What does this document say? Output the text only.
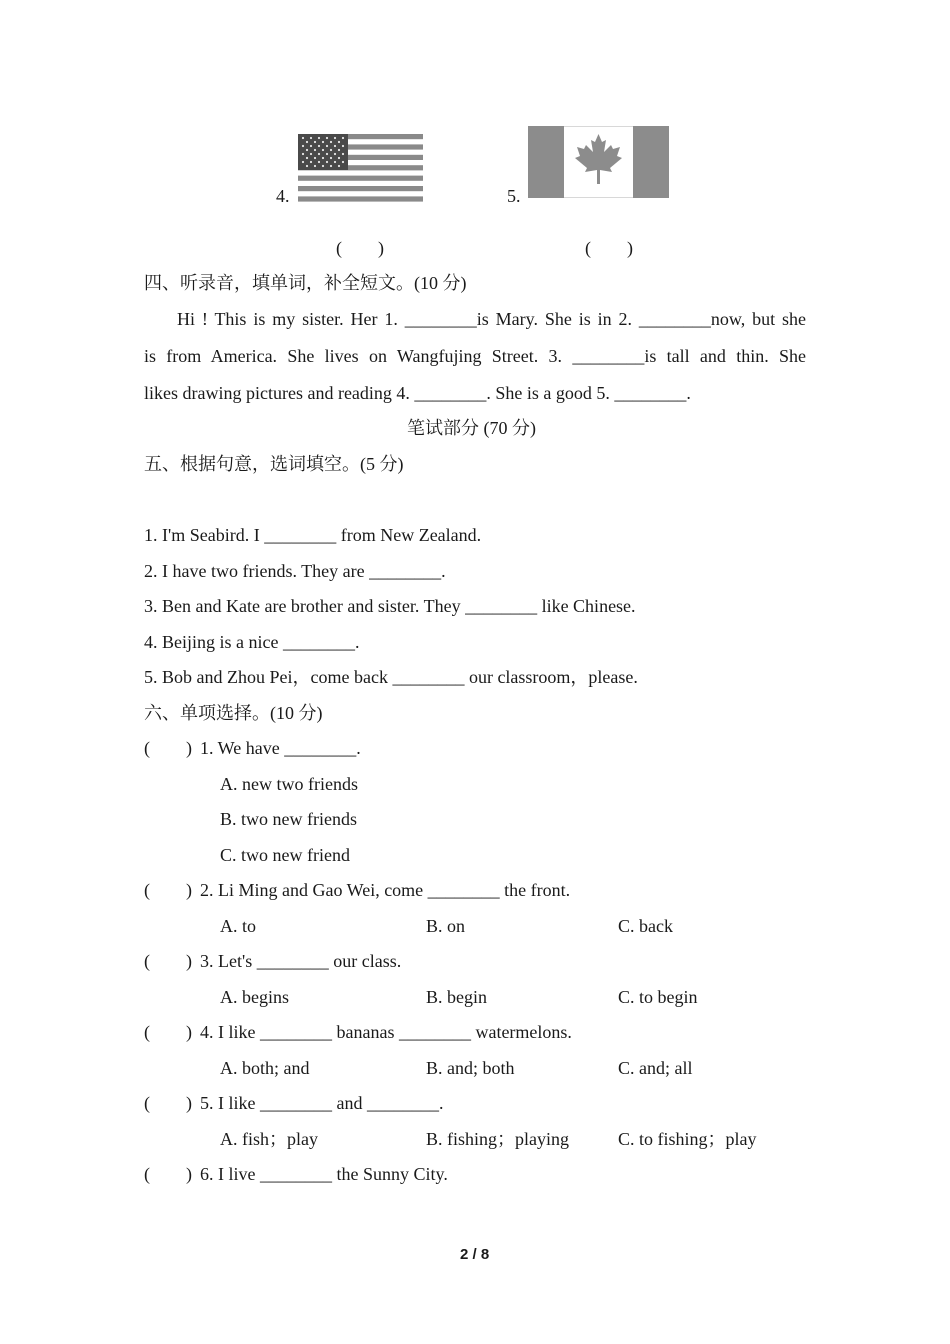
4.	5.
(　　)	(　　)
四、听录音，填单词，补全短文。(10 分)
Hi ! This is my sister. Her 1. ________is Mary. She is in 2. ________now, but she
is from America. She lives on Wangfujing Street. 3. ________is tall and thin. She
likes drawing pictures and reading 4. ________. She is a good 5. ________.
笔试部分 (70 分)
五、根据句意，选词填空。(5 分)
1. I'm Seabird. I ________ from New Zealand.
2. I have two friends. They are ________.
3. Ben and Kate are brother and sister. They ________ like Chinese.
4. Beijing is a nice ________.
5. Bob and Zhou Pei，come back ________ our classroom，please.
六、单项选择。(10 分)
(　　) 1. We have ________.
A. new two friends
B. two new friends
C. two new friend
(　　) 2. Li Ming and Gao Wei, come ________ the front.
A. to	B. on	C. back
(　　) 3. Let's ________ our class.
A. begins	B. begin	C. to begin
(　　) 4. I like ________ bananas ________ watermelons.
A. both; and	B. and; both	C. and; all
(　　) 5. I like ________ and ________.
A. fish；play	B. fishing；playing	C. to fishing；play
(　　) 6. I live ________ the Sunny City.
2 / 8
